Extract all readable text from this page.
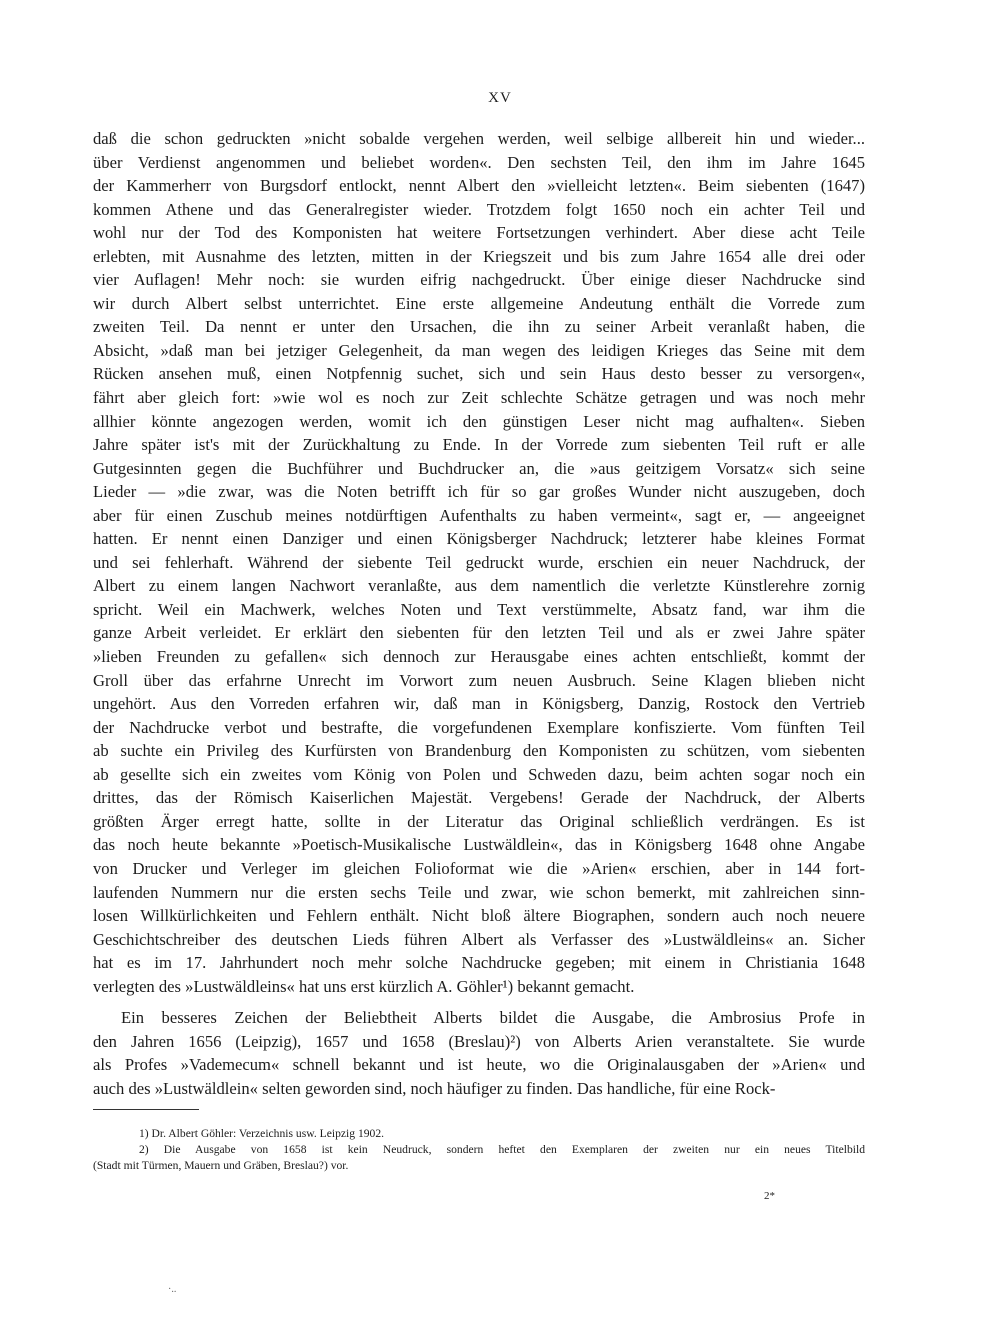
XV
daß die schon gedruckten »nicht sobalde vergehen werden, weil selbige allbereit hin und wieder...
über Verdienst angenommen und beliebet worden«. Den sechsten Teil, den ihm im Jahre 1645
der Kammerherr von Burgsdorf entlockt, nennt Albert den »vielleicht letzten«. Beim siebenten (1647)
kommen Athene und das Generalregister wieder. Trotzdem folgt 1650 noch ein achter Teil und
wohl nur der Tod des Komponisten hat weitere Fortsetzungen verhindert. Aber diese acht Teile
erlebten, mit Ausnahme des letzten, mitten in der Kriegszeit und bis zum Jahre 1654 alle drei oder
vier Auflagen! Mehr noch: sie wurden eifrig nachgedruckt. Über einige dieser Nachdrucke sind
wir durch Albert selbst unterrichtet. Eine erste allgemeine Andeutung enthält die Vorrede zum
zweiten Teil. Da nennt er unter den Ursachen, die ihn zu seiner Arbeit veranlaßt haben, die
Absicht, »daß man bei jetziger Gelegenheit, da man wegen des leidigen Krieges das Seine mit dem
Rücken ansehen muß, einen Notpfennig suchet, sich und sein Haus desto besser zu versorgen«,
fährt aber gleich fort: »wie wol es noch zur Zeit schlechte Schätze getragen und was noch mehr
allhier könnte angezogen werden, womit ich den günstigen Leser nicht mag aufhalten«. Sieben
Jahre später ist's mit der Zurückhaltung zu Ende. In der Vorrede zum siebenten Teil ruft er alle
Gutgesinnten gegen die Buchführer und Buchdrucker an, die »aus geitzigem Vorsatz« sich seine
Lieder — »die zwar, was die Noten betrifft ich für so gar großes Wunder nicht auszugeben, doch
aber für einen Zuschub meines notdürftigen Aufenthalts zu haben vermeint«, sagt er, — angeeignet
hatten. Er nennt einen Danziger und einen Königsberger Nachdruck; letzterer habe kleines Format
und sei fehlerhaft. Während der siebente Teil gedruckt wurde, erschien ein neuer Nachdruck, der
Albert zu einem langen Nachwort veranlaßte, aus dem namentlich die verletzte Künstlerehre zornig
spricht. Weil ein Machwerk, welches Noten und Text verstümmelte, Absatz fand, war ihm die
ganze Arbeit verleidet. Er erklärt den siebenten für den letzten Teil und als er zwei Jahre später
»lieben Freunden zu gefallen« sich dennoch zur Herausgabe eines achten entschließt, kommt der
Groll über das erfahrne Unrecht im Vorwort zum neuen Ausbruch. Seine Klagen blieben nicht
ungehört. Aus den Vorreden erfahren wir, daß man in Königsberg, Danzig, Rostock den Vertrieb
der Nachdrucke verbot und bestrafte, die vorgefundenen Exemplare konfiszierte. Vom fünften Teil
ab suchte ein Privileg des Kurfürsten von Brandenburg den Komponisten zu schützen, vom siebenten
ab gesellte sich ein zweites vom König von Polen und Schweden dazu, beim achten sogar noch ein
drittes, das der Römisch Kaiserlichen Majestät. Vergebens! Gerade der Nachdruck, der Alberts
größten Ärger erregt hatte, sollte in der Literatur das Original schließlich verdrängen. Es ist
das noch heute bekannte »Poetisch-Musikalische Lustwäldlein«, das in Königsberg 1648 ohne Angabe
von Drucker und Verleger im gleichen Folioformat wie die »Arien« erschien, aber in 144 fort-
laufenden Nummern nur die ersten sechs Teile und zwar, wie schon bemerkt, mit zahlreichen sinn-
losen Willkürlichkeiten und Fehlern enthält. Nicht bloß ältere Biographen, sondern auch noch neuere
Geschichtschreiber des deutschen Lieds führen Albert als Verfasser des »Lustwäldleins« an. Sicher
hat es im 17. Jahrhundert noch mehr solche Nachdrucke gegeben; mit einem in Christiania 1648
verlegten des »Lustwäldleins« hat uns erst kürzlich A. Göhler¹) bekannt gemacht.
Ein besseres Zeichen der Beliebtheit Alberts bildet die Ausgabe, die Ambrosius Profe in
den Jahren 1656 (Leipzig), 1657 und 1658 (Breslau)²) von Alberts Arien veranstaltete. Sie wurde
als Profes »Vademecum« schnell bekannt und ist heute, wo die Originalausgaben der »Arien« und
auch des »Lustwäldlein« selten geworden sind, noch häufiger zu finden. Das handliche, für eine Rock-
1) Dr. Albert Göhler: Verzeichnis usw. Leipzig 1902.
2) Die Ausgabe von 1658 ist kein Neudruck, sondern heftet den Exemplaren der zweiten nur ein neues Titelbild
(Stadt mit Türmen, Mauern und Gräben, Breslau?) vor.
2*
·..
